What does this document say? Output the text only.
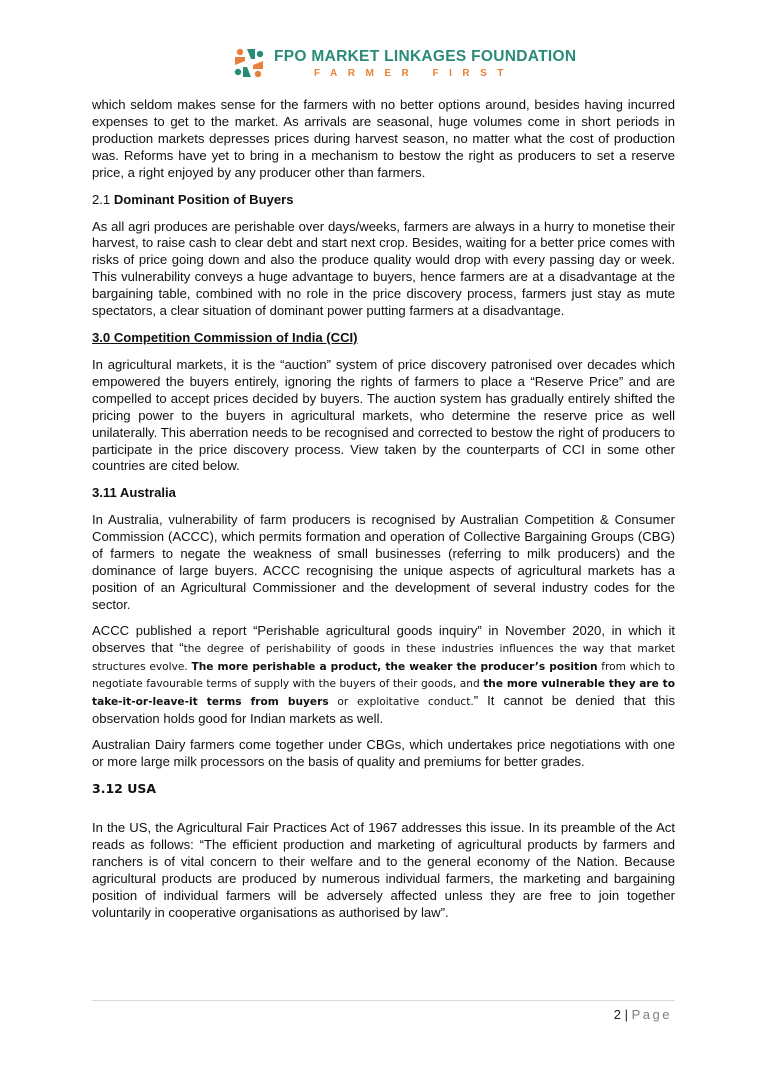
FPO MARKET LINKAGES FOUNDATION
FARMER FIRST

which seldom makes sense for the farmers with no better options around, besides having incurred expenses to get to the market. As arrivals are seasonal, huge volumes come in short periods in production markets depresses prices during harvest season, no matter what the cost of production was. Reforms have yet to bring in a mechanism to bestow the right as producers to set a reserve price, a right enjoyed by any producer other than farmers.

2.1 Dominant Position of Buyers

As all agri produces are perishable over days/weeks, farmers are always in a hurry to monetise their harvest, to raise cash to clear debt and start next crop. Besides, waiting for a better price comes with risks of price going down and also the produce quality would drop with every passing day or week. This vulnerability conveys a huge advantage to buyers, hence farmers are at a disadvantage at the bargaining table, combined with no role in the price discovery process, farmers just stay as mute spectators, a clear situation of dominant power putting farmers at a disadvantage.

3.0 Competition Commission of India (CCI)

In agricultural markets, it is the “auction” system of price discovery patronised over decades which empowered the buyers entirely, ignoring the rights of farmers to place a “Reserve Price” and are compelled to accept prices decided by buyers. The auction system has gradually entirely shifted the pricing power to the buyers in agricultural markets, who determine the reserve price as well unilaterally. This aberration needs to be recognised and corrected to bestow the right of producers to participate in the price discovery process. View taken by the counterparts of CCI in some other countries are cited below.

3.11 Australia

In Australia, vulnerability of farm producers is recognised by Australian Competition & Consumer Commission (ACCC), which permits formation and operation of Collective Bargaining Groups (CBG) of farmers to negate the weakness of small businesses (referring to milk producers) and the dominance of large buyers. ACCC recognising the unique aspects of agricultural markets has a position of an Agricultural Commissioner and the development of several industry codes for the sector.

ACCC published a report “Perishable agricultural goods inquiry” in November 2020, in which it observes that “the degree of perishability of goods in these industries influences the way that market structures evolve. The more perishable a product, the weaker the producer’s position from which to negotiate favourable terms of supply with the buyers of their goods, and the more vulnerable they are to take-it-or-leave-it terms from buyers or exploitative conduct.” It cannot be denied that this observation holds good for Indian markets as well.

Australian Dairy farmers come together under CBGs, which undertakes price negotiations with one or more large milk processors on the basis of quality and premiums for better grades.

3.12 USA

In the US, the Agricultural Fair Practices Act of 1967 addresses this issue. In its preamble of the Act reads as follows: “The efficient production and marketing of agricultural products by farmers and ranchers is of vital concern to their welfare and to the general economy of the Nation. Because agricultural products are produced by numerous individual farmers, the marketing and bargaining position of individual farmers will be adversely affected unless they are free to join together voluntarily in cooperative organisations as authorised by law”.

2 | Page
